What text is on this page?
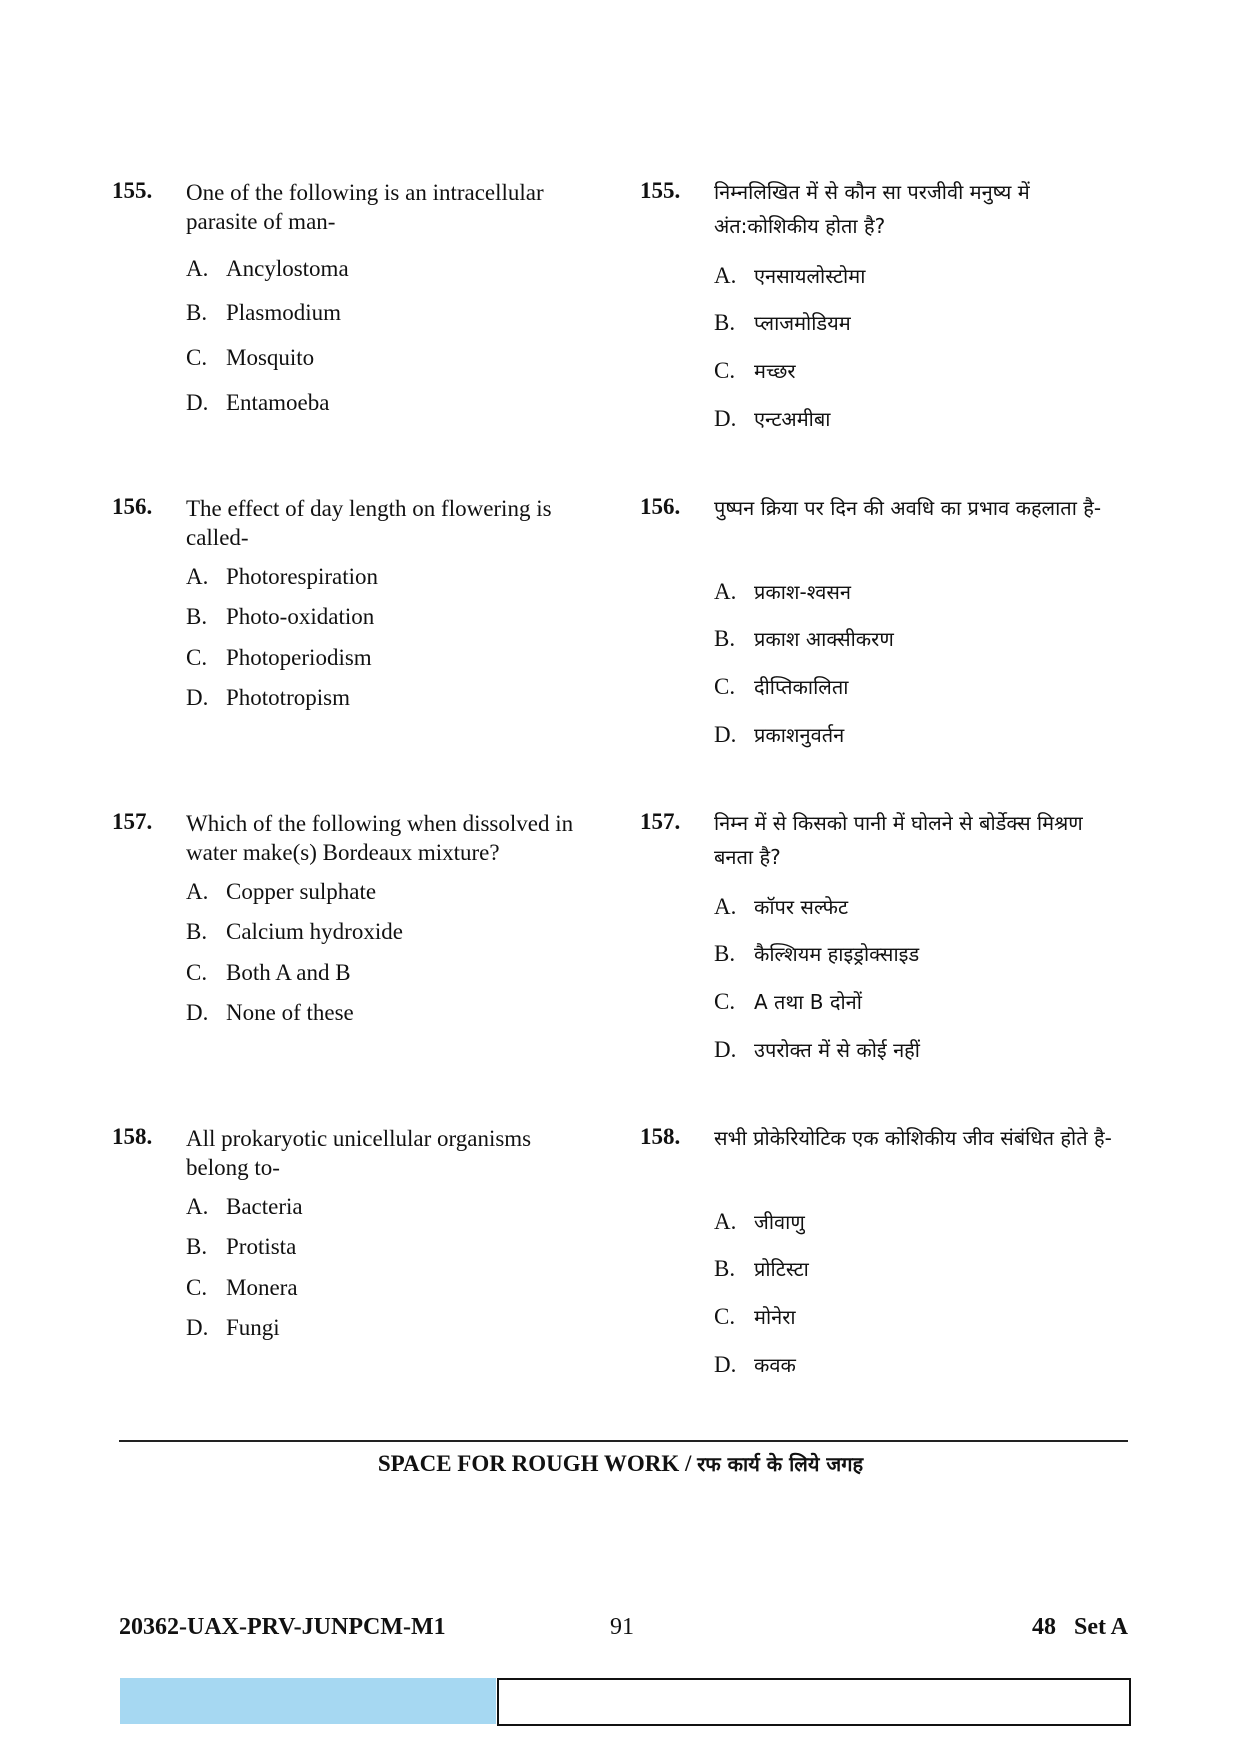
155. One of the following is an intracellular parasite of man-
A. Ancylostoma
B. Plasmodium
C. Mosquito
D. Entamoeba
155. निम्नलिखित में से कौन सा परजीवी मनुष्य में अंत:कोशिकीय होता है?
A. एनसायलोस्टोमा
B. प्लाजमोडियम
C. मच्छर
D. एन्टअमीबा
156. The effect of day length on flowering is called-
A. Photorespiration
B. Photo-oxidation
C. Photoperiodism
D. Phototropism
156. पुष्पन क्रिया पर दिन की अवधि का प्रभाव कहलाता है-
A. प्रकाश-श्वसन
B. प्रकाश आक्सीकरण
C. दीप्तिकालिता
D. प्रकाशनुवर्तन
157. Which of the following when dissolved in water make(s) Bordeaux mixture?
A. Copper sulphate
B. Calcium hydroxide
C. Both A and B
D. None of these
157. निम्न में से किसको पानी में घोलने से बोर्डेक्स मिश्रण बनता है?
A. कॉपर सल्फेट
B. कैल्शियम हाइड्रोक्साइड
C. A तथा B दोनों
D. उपरोक्त में से कोई नहीं
158. All prokaryotic unicellular organisms belong to-
A. Bacteria
B. Protista
C. Monera
D. Fungi
158. सभी प्रोकेरियोटिक एक कोशिकीय जीव संबंधित होते है-
A. जीवाणु
B. प्रोटिस्टा
C. मोनेरा
D. कवक
SPACE FOR ROUGH WORK / रफ कार्य के लिये जगह
20362-UAX-PRV-JUNPCM-M1	91	48   Set A
